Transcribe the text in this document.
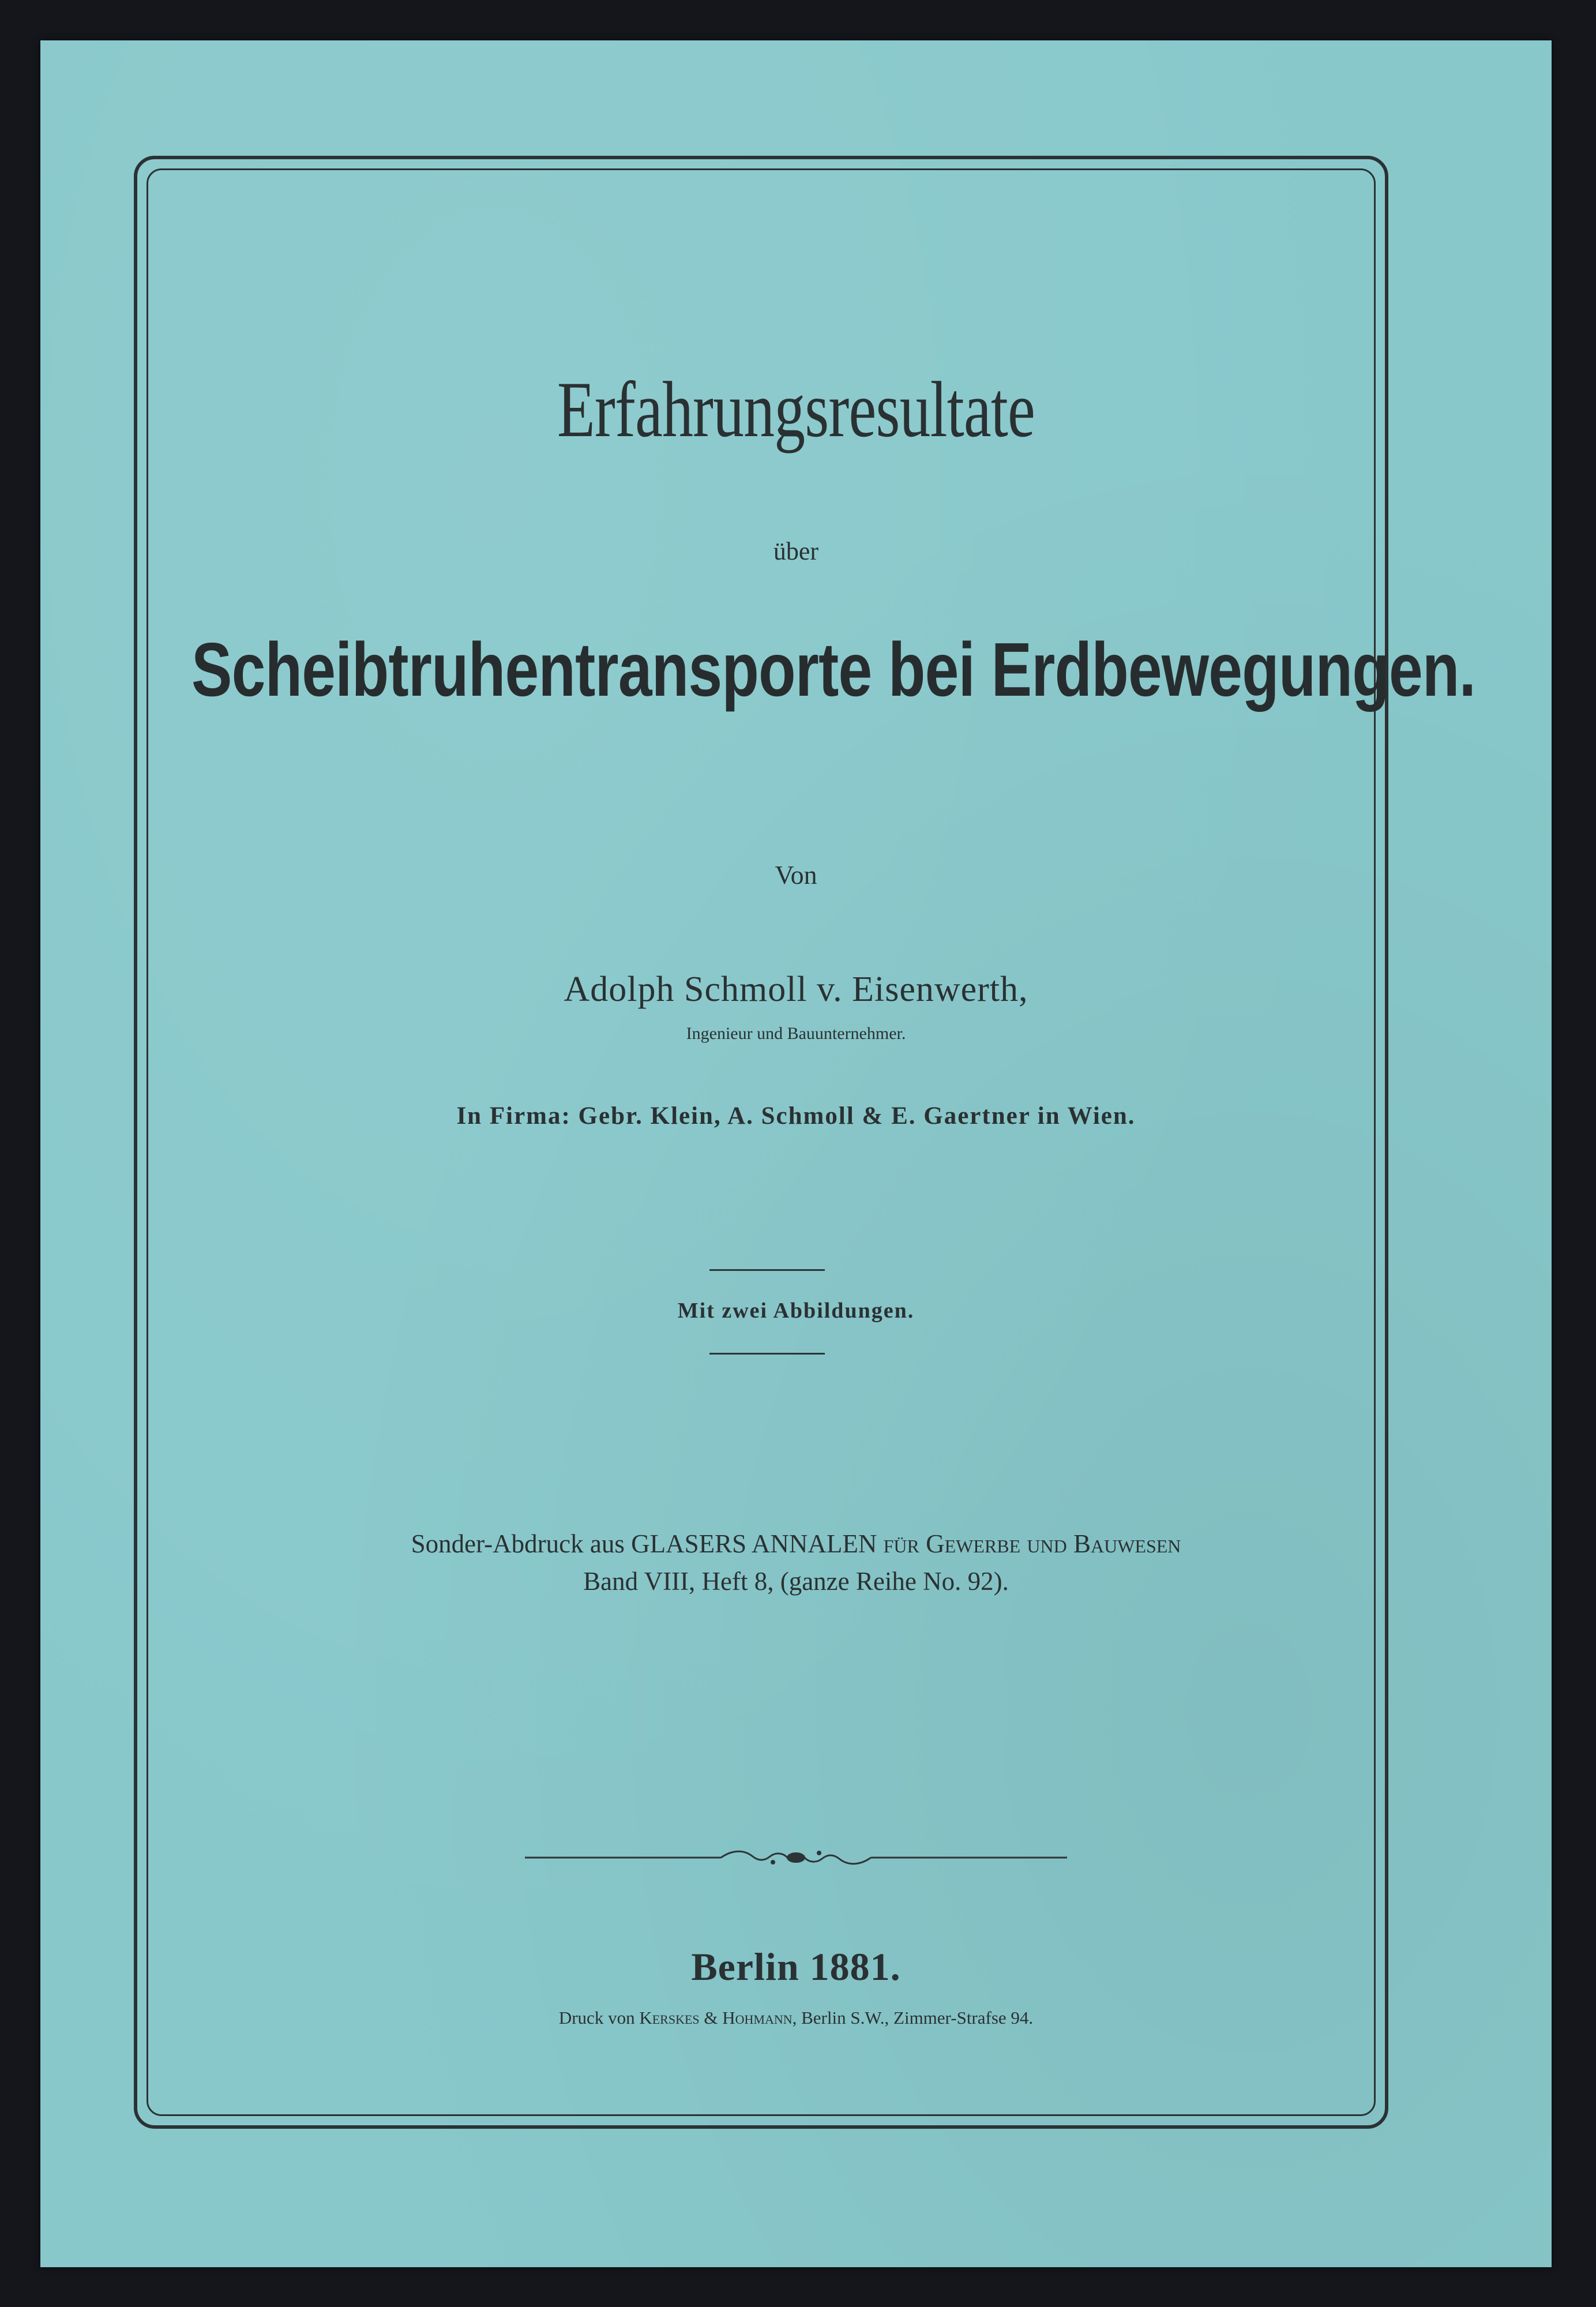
Erfahrungsresultate
über
Scheibtruhentransporte bei Erdbewegungen.
Von
Adolph Schmoll v. Eisenwerth,
Ingenieur und Bauunternehmer.
In Firma: Gebr. Klein, A. Schmoll & E. Gaertner in Wien.
Mit zwei Abbildungen.
Sonder-Abdruck aus GLASERS ANNALEN für Gewerbe und Bauwesen
Band VIII, Heft 8, (ganze Reihe No. 92).
Berlin 1881.
Druck von Kerskes & Hohmann, Berlin S.W., Zimmer-Strafse 94.
